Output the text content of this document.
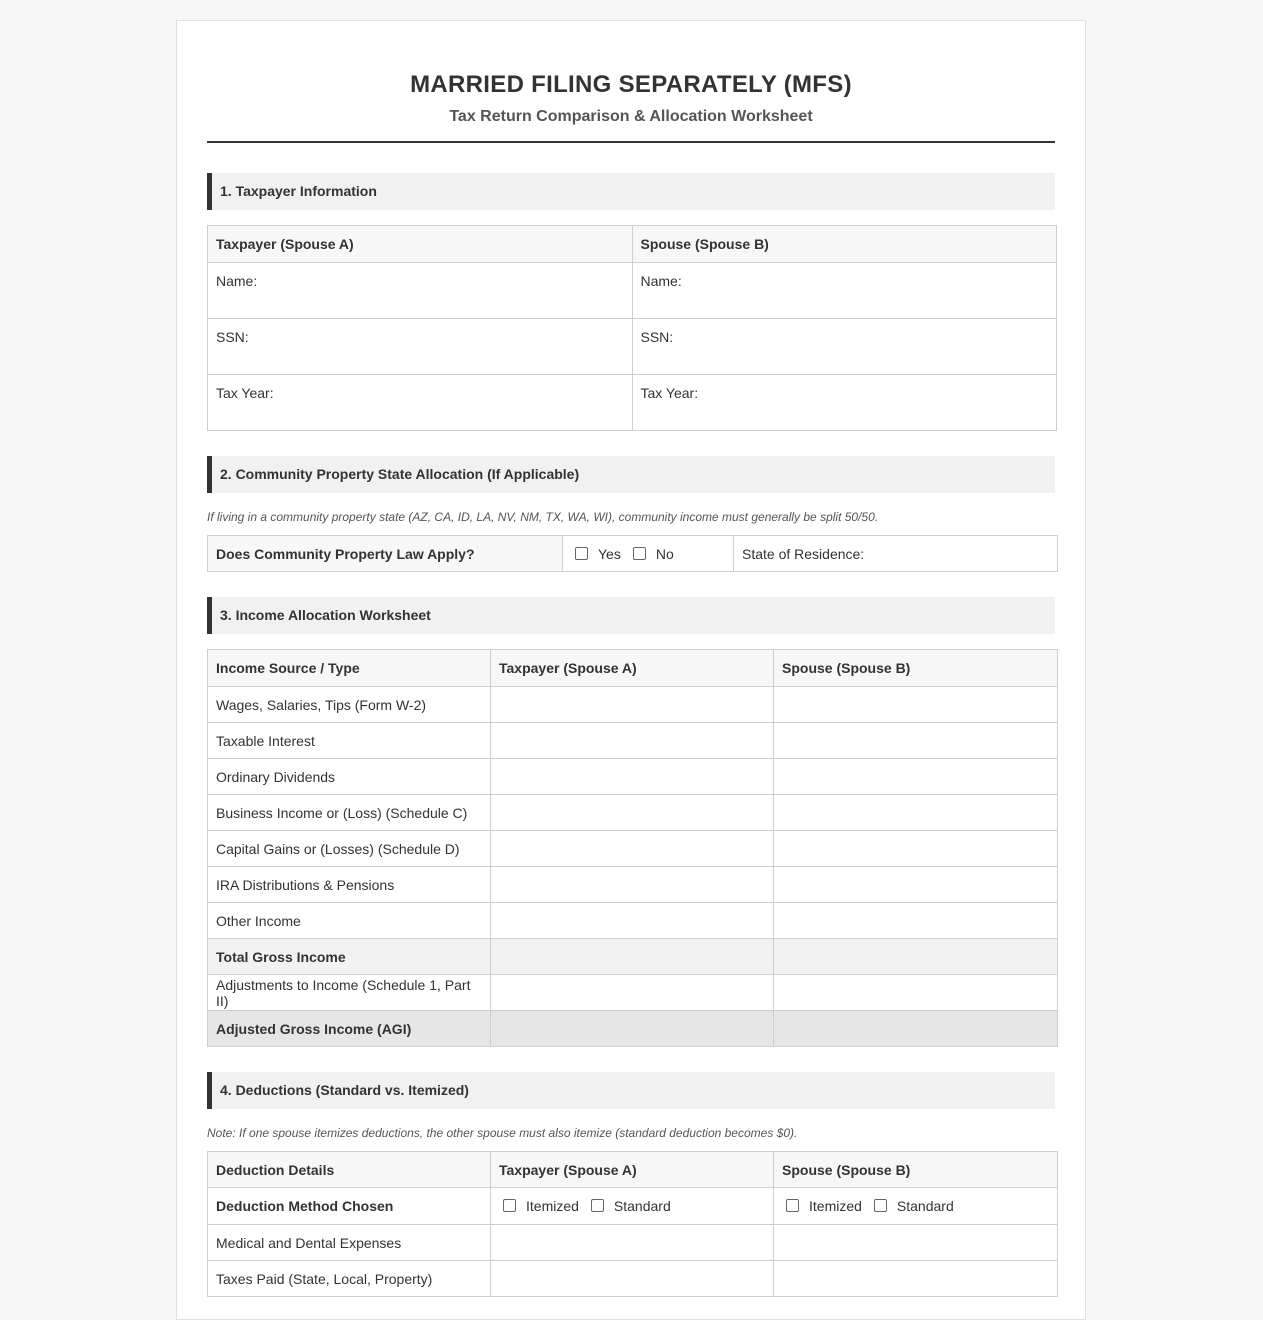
MARRIED FILING SEPARATELY (MFS)
Tax Return Comparison & Allocation Worksheet
1. Taxpayer Information
Taxpayer (Spouse A)	Spouse (Spouse B)
Name:	Name:
SSN:	SSN:
Tax Year:	Tax Year:
2. Community Property State Allocation (If Applicable)
If living in a community property state (AZ, CA, ID, LA, NV, NM, TX, WA, WI), community income must generally be split 50/50.
Does Community Property Law Apply?	Yes	No	State of Residence:
3. Income Allocation Worksheet
Income Source / Type	Taxpayer (Spouse A)	Spouse (Spouse B)
Wages, Salaries, Tips (Form W-2)		
Taxable Interest		
Ordinary Dividends		
Business Income or (Loss) (Schedule C)		
Capital Gains or (Losses) (Schedule D)		
IRA Distributions & Pensions		
Other Income		
Total Gross Income		
Adjustments to Income (Schedule 1, Part II)		
Adjusted Gross Income (AGI)		
4. Deductions (Standard vs. Itemized)
Note: If one spouse itemizes deductions, the other spouse must also itemize (standard deduction becomes $0).
Deduction Details	Taxpayer (Spouse A)	Spouse (Spouse B)
Deduction Method Chosen	Itemized Standard	Itemized Standard
Medical and Dental Expenses		
Taxes Paid (State, Local, Property)		
